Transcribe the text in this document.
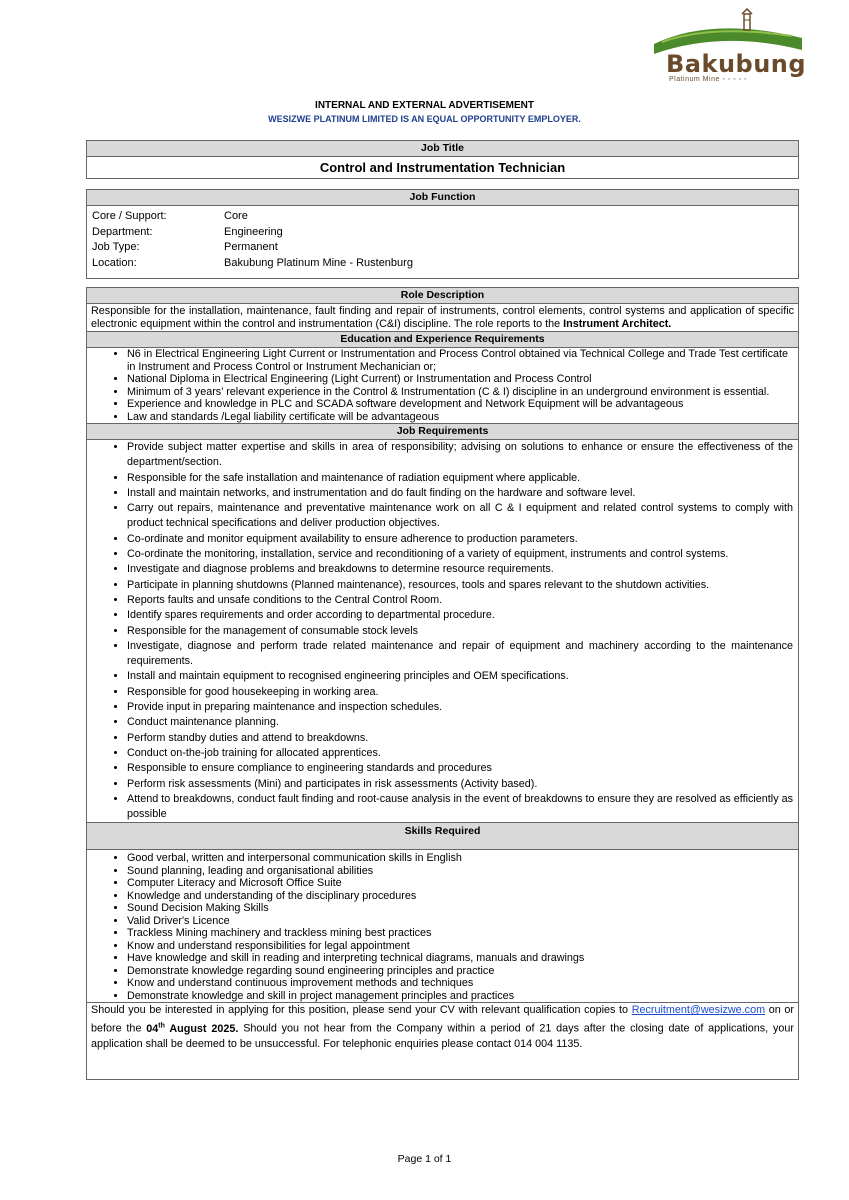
Bakubung
Platinum Mine ◦ ◦ ◦ ◦ ◦
INTERNAL AND EXTERNAL ADVERTISEMENT
WESIZWE PLATINUM LIMITED IS AN EQUAL OPPORTUNITY EMPLOYER.
Job Title
Control and Instrumentation Technician
Job Function
Core / Support:	Core
Department:	Engineering
Job Type:	Permanent
Location:	Bakubung Platinum Mine - Rustenburg
Role Description
Responsible for the installation, maintenance, fault finding and repair of instruments, control elements, control systems and application of specific electronic equipment within the control and instrumentation (C&I) discipline. The role reports to the Instrument Architect.
Education and Experience Requirements
• N6 in Electrical Engineering Light Current or Instrumentation and Process Control obtained via Technical College and Trade Test certificate in Instrument and Process Control or Instrument Mechanician or;
• National Diploma in Electrical Engineering (Light Current) or Instrumentation and Process Control
• Minimum of 3 years’ relevant experience in the Control & Instrumentation (C & I) discipline in an underground environment is essential.
• Experience and knowledge in PLC and SCADA software development and Network Equipment will be advantageous
• Law and standards /Legal liability certificate will be advantageous
Job Requirements
• Provide subject matter expertise and skills in area of responsibility; advising on solutions to enhance or ensure the effectiveness of the department/section.
• Responsible for the safe installation and maintenance of radiation equipment where applicable.
• Install and maintain networks, and instrumentation and do fault finding on the hardware and software level.
• Carry out repairs, maintenance and preventative maintenance work on all C & I equipment and related control systems to comply with product technical specifications and deliver production objectives.
• Co-ordinate and monitor equipment availability to ensure adherence to production parameters.
• Co-ordinate the monitoring, installation, service and reconditioning of a variety of equipment, instruments and control systems.
• Investigate and diagnose problems and breakdowns to determine resource requirements.
• Participate in planning shutdowns (Planned maintenance), resources, tools and spares relevant to the shutdown activities.
• Reports faults and unsafe conditions to the Central Control Room.
• Identify spares requirements and order according to departmental procedure.
• Responsible for the management of consumable stock levels
• Investigate, diagnose and perform trade related maintenance and repair of equipment and machinery according to the maintenance requirements.
• Install and maintain equipment to recognised engineering principles and OEM specifications.
• Responsible for good housekeeping in working area.
• Provide input in preparing maintenance and inspection schedules.
• Conduct maintenance planning.
• Perform standby duties and attend to breakdowns.
• Conduct on-the-job training for allocated apprentices.
• Responsible to ensure compliance to engineering standards and procedures
• Perform risk assessments (Mini) and participates in risk assessments (Activity based).
• Attend to breakdowns, conduct fault finding and root-cause analysis in the event of breakdowns to ensure they are resolved as efficiently as possible
Skills Required
• Good verbal, written and interpersonal communication skills in English
• Sound planning, leading and organisational abilities
• Computer Literacy and Microsoft Office Suite
• Knowledge and understanding of the disciplinary procedures
• Sound Decision Making Skills
• Valid Driver's Licence
• Trackless Mining machinery and trackless mining best practices
• Know and understand responsibilities for legal appointment
• Have knowledge and skill in reading and interpreting technical diagrams, manuals and drawings
• Demonstrate knowledge regarding sound engineering principles and practice
• Know and understand continuous improvement methods and techniques
• Demonstrate knowledge and skill in project management principles and practices
Should you be interested in applying for this position, please send your CV with relevant qualification copies to Recruitment@wesizwe.com on or before the 04th August 2025. Should you not hear from the Company within a period of 21 days after the closing date of applications, your application shall be deemed to be unsuccessful. For telephonic enquiries please contact 014 004 1135.
Page 1 of 1
